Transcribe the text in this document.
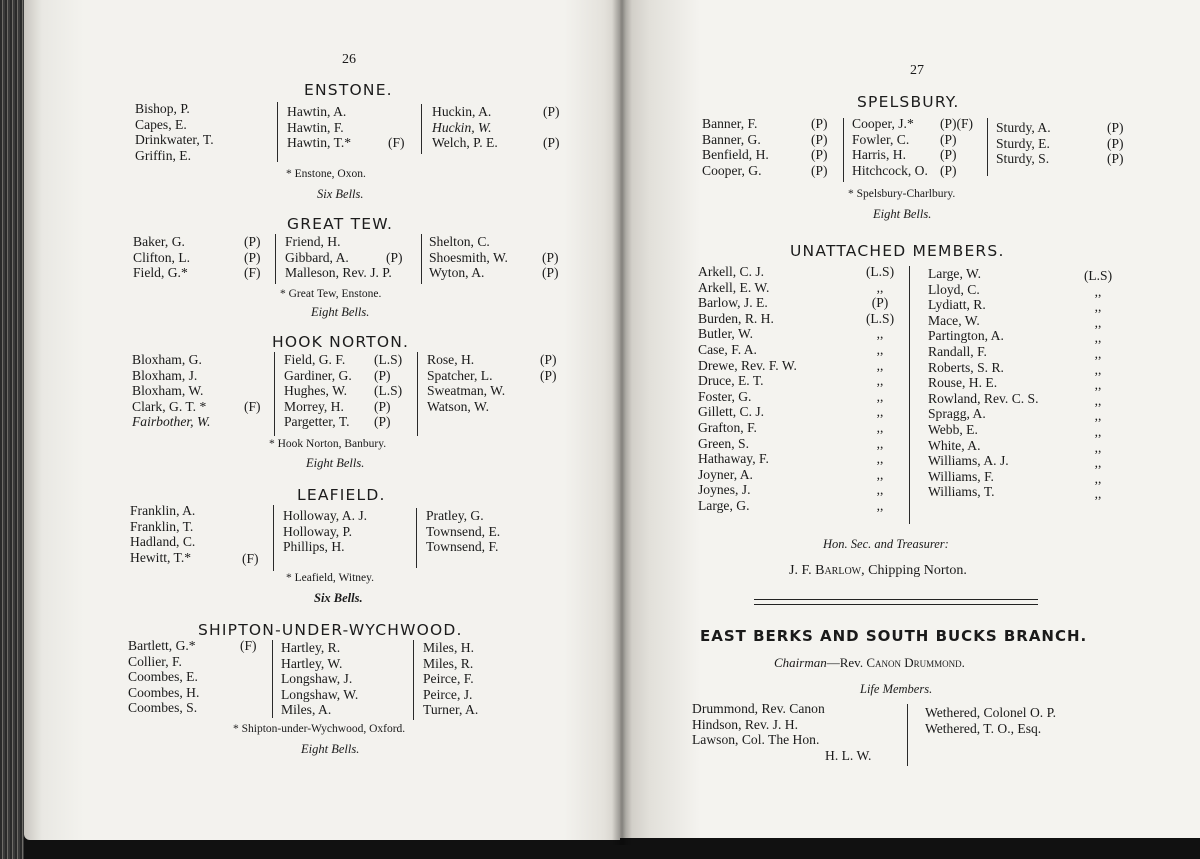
26
ENSTONE.
Bishop, P.
Capes, E.
Drinkwater, T.
Griffin, E.
Hawtin, A.
Hawtin, F.
Hawtin, T.*	(F)
Huckin, A.
Huckin, W.
Welch, P. E.
(P)
(P)
* Enstone, Oxon.
Six Bells.
GREAT TEW.
Baker, G.
Clifton, L.
Field, G.*
(P)
(P)
(F)
Friend, H.
Gibbard, A.
Malleson, Rev. J. P.
(P)
Shelton, C.
Shoesmith, W.
Wyton, A.
(P)
(P)
* Great Tew, Enstone.
Eight Bells.
HOOK NORTON.
Bloxham, G.
Bloxham, J.
Bloxham, W.
Clark, G. T. *
Fairbother, W.
(F)
Field, G. F.
Gardiner, G.
Hughes, W.
Morrey, H.
Pargetter, T.
(L.S)
(P)
(L.S)
(P)
(P)
Rose, H.
Spatcher, L.
Sweatman, W.
Watson, W.
(P)
(P)
* Hook Norton, Banbury.
Eight Bells.
LEAFIELD.
Franklin, A.
Franklin, T.
Hadland, C.
Hewitt, T.*	(F)
Holloway, A. J.
Holloway, P.
Phillips, H.
Pratley, G.
Townsend, E.
Townsend, F.
* Leafield, Witney.
Six Bells.
SHIPTON-UNDER-WYCHWOOD.
Bartlett, G.*
Collier, F.
Coombes, E.
Coombes, H.
Coombes, S.
(F) Hartley, R.
Hartley, W.
Longshaw, J.
Longshaw, W.
Miles, A.
Miles, H.
Miles, R.
Peirce, F.
Peirce, J.
Turner, A.
* Shipton-under-Wychwood, Oxford.
Eight Bells.
27
SPELSBURY.
Banner, F.
Banner, G.
Benfield, H.
Cooper, G.
(P)
(P)
(P)
(P)
Cooper, J.*
Fowler, C.
Harris, H.
Hitchcock, O.
(P)(F)
(P)
(P)
(P)
Sturdy, A.
Sturdy, E.
Sturdy, S.
(P)
(P)
(P)
* Spelsbury-Charlbury.
Eight Bells.
UNATTACHED MEMBERS.
Arkell, C. J.
Arkell, E. W.
Barlow, J. E.
Burden, R. H.
Butler, W.
Case, F. A.
Drewe, Rev. F. W.
Druce, E. T.
Foster, G.
Gillett, C. J.
Grafton, F.
Green, S.
Hathaway, F.
Joyner, A.
Joynes, J.
Large, G.
(L.S)
,,
(P)
(L.S)
,,
,,
,,
,,
,,
,,
,,
,,
,,
,,
,,
,,
Large, W.
Lloyd, C.
Lydiatt, R.
Mace, W.
Partington, A.
Randall, F.
Roberts, S. R.
Rouse, H. E.
Rowland, Rev. C. S.
Spragg, A.
Webb, E.
White, A.
Williams, A. J.
Williams, F.
Williams, T.
(L.S)
,,
,,
,,
,,
,,
,,
,,
,,
,,
,,
,,
,,
,,
,,
Hon. Sec. and Treasurer:
J. F. Barlow, Chipping Norton.
EAST BERKS AND SOUTH BUCKS BRANCH.
Chairman—Rev. Canon Drummond.
Life Members.
Drummond, Rev. Canon
Hindson, Rev. J. H.
Lawson, Col. The Hon.
H. L. W.
Wethered, Colonel O. P.
Wethered, T. O., Esq.
